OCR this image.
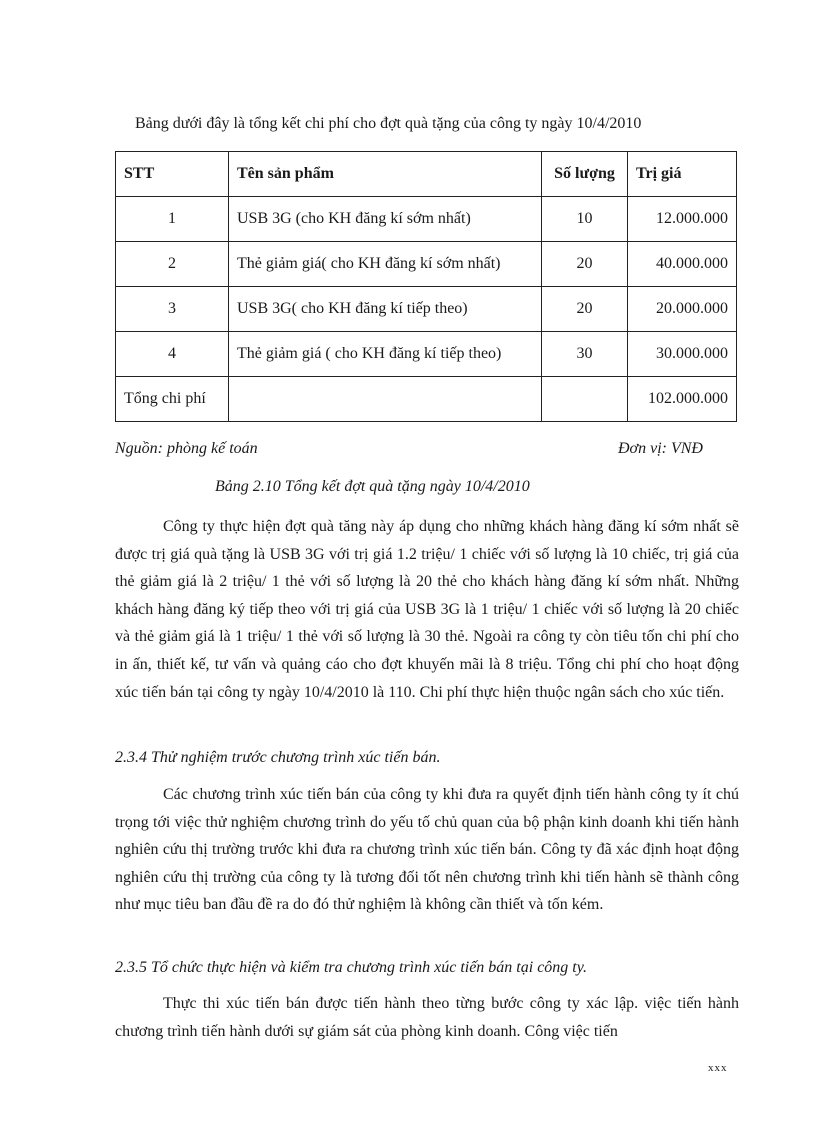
Bảng dưới đây là tổng kết chi phí cho đợt quà tặng của công ty ngày 10/4/2010
STT	Tên sản phẩm	Số lượng	Trị giá
1	USB 3G (cho KH đăng kí sớm nhất)	10	12.000.000
2	Thẻ giảm giá( cho KH đăng kí sớm nhất)	20	40.000.000
3	USB 3G( cho KH đăng kí tiếp theo)	20	20.000.000
4	Thẻ giảm giá ( cho KH đăng kí tiếp theo)	30	30.000.000
Tổng chi phí			102.000.000
Nguồn: phòng kế toán	Đơn vị: VNĐ
Bảng 2.10 Tổng kết đợt quà tặng ngày 10/4/2010
Công ty thực hiện đợt quà tăng này áp dụng cho những khách hàng đăng kí sớm nhất sẽ được trị giá quà tặng là USB 3G với trị giá 1.2 triệu/ 1 chiếc với số lượng là 10 chiếc, trị giá của thẻ giảm giá là 2 triệu/ 1 thẻ với số lượng là 20 thẻ cho khách hàng đăng kí sớm nhất. Những khách hàng đăng ký tiếp theo với trị giá của USB 3G là 1 triệu/ 1 chiếc với số lượng là 20 chiếc và thẻ giảm giá là 1 triệu/ 1 thẻ với số lượng là 30 thẻ. Ngoài ra công ty còn tiêu tốn chi phí cho in ấn, thiết kế, tư vấn và quảng cáo cho đợt khuyến mãi là 8 triệu. Tổng chi phí cho hoạt động xúc tiến bán tại công ty ngày 10/4/2010 là 110. Chi phí thực hiện thuộc ngân sách cho xúc tiến.
2.3.4 Thử nghiệm trước chương trình xúc tiến bán.
Các chương trình xúc tiến bán của công ty khi đưa ra quyết định tiến hành công ty ít chú trọng tới việc thử nghiệm chương trình do yếu tố chủ quan của bộ phận kinh doanh khi tiến hành nghiên cứu thị trường trước khi đưa ra chương trình xúc tiến bán. Công ty đã xác định hoạt động nghiên cứu thị trường của công ty là tương đối tốt nên chương trình khi tiến hành sẽ thành công như mục tiêu ban đầu đề ra do đó thử nghiệm là không cần thiết và tốn kém.
2.3.5 Tổ chức thực hiện và kiểm tra chương trình xúc tiến bán tại công ty.
Thực thi xúc tiến bán được tiến hành theo từng bước công ty xác lập. việc tiến hành chương trình tiến hành dưới sự giám sát của phòng kinh doanh. Công việc tiến
xxx
